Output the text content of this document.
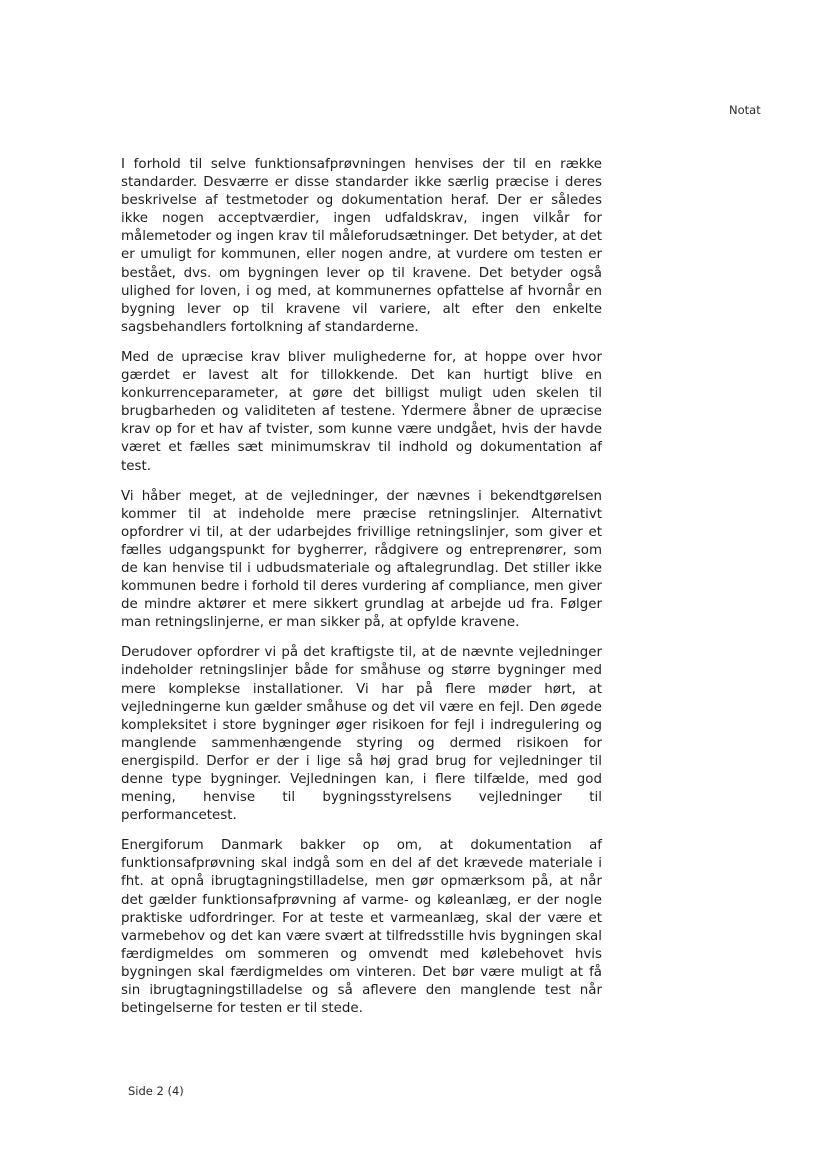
Notat

I forhold til selve funktionsafprøvningen henvises der til en række standarder. Desværre er disse standarder ikke særlig præcise i deres beskrivelse af testmetoder og dokumentation heraf. Der er således ikke nogen acceptværdier, ingen udfaldskrav, ingen vilkår for målemetoder og ingen krav til måleforudsætninger. Det betyder, at det er umuligt for kommunen, eller nogen andre, at vurdere om testen er bestået, dvs. om bygningen lever op til kravene. Det betyder også ulighed for loven, i og med, at kommunernes opfattelse af hvornår en bygning lever op til kravene vil variere, alt efter den enkelte sagsbehandlers fortolkning af standarderne.

Med de upræcise krav bliver mulighederne for, at hoppe over hvor gærdet er lavest alt for tillokkende. Det kan hurtigt blive en konkurrenceparameter, at gøre det billigst muligt uden skelen til brugbarheden og validiteten af testene. Ydermere åbner de upræcise krav op for et hav af tvister, som kunne være undgået, hvis der havde været et fælles sæt minimumskrav til indhold og dokumentation af test.

Vi håber meget, at de vejledninger, der nævnes i bekendtgørelsen kommer til at indeholde mere præcise retningslinjer. Alternativt opfordrer vi til, at der udarbejdes frivillige retningslinjer, som giver et fælles udgangspunkt for bygherrer, rådgivere og entreprenører, som de kan henvise til i udbudsmateriale og aftalegrundlag. Det stiller ikke kommunen bedre i forhold til deres vurdering af compliance, men giver de mindre aktører et mere sikkert grundlag at arbejde ud fra. Følger man retningslinjerne, er man sikker på, at opfylde kravene.

Derudover opfordrer vi på det kraftigste til, at de nævnte vejledninger indeholder retningslinjer både for småhuse og større bygninger med mere komplekse installationer. Vi har på flere møder hørt, at vejledningerne kun gælder småhuse og det vil være en fejl. Den øgede kompleksitet i store bygninger øger risikoen for fejl i indregulering og manglende sammenhængende styring og dermed risikoen for energispild. Derfor er der i lige så høj grad brug for vejledninger til denne type bygninger. Vejledningen kan, i flere tilfælde, med god mening, henvise til bygningsstyrelsens vejledninger til performancetest.

Energiforum Danmark bakker op om, at dokumentation af funktionsafprøvning skal indgå som en del af det krævede materiale i fht. at opnå ibrugtagningstilladelse, men gør opmærksom på, at når det gælder funktionsafprøvning af varme- og køleanlæg, er der nogle praktiske udfordringer. For at teste et varmeanlæg, skal der være et varmebehov og det kan være svært at tilfredsstille hvis bygningen skal færdigmeldes om sommeren og omvendt med kølebehovet hvis bygningen skal færdigmeldes om vinteren. Det bør være muligt at få sin ibrugtagningstilladelse og så aflevere den manglende test når betingelserne for testen er til stede.

Side 2 (4)
